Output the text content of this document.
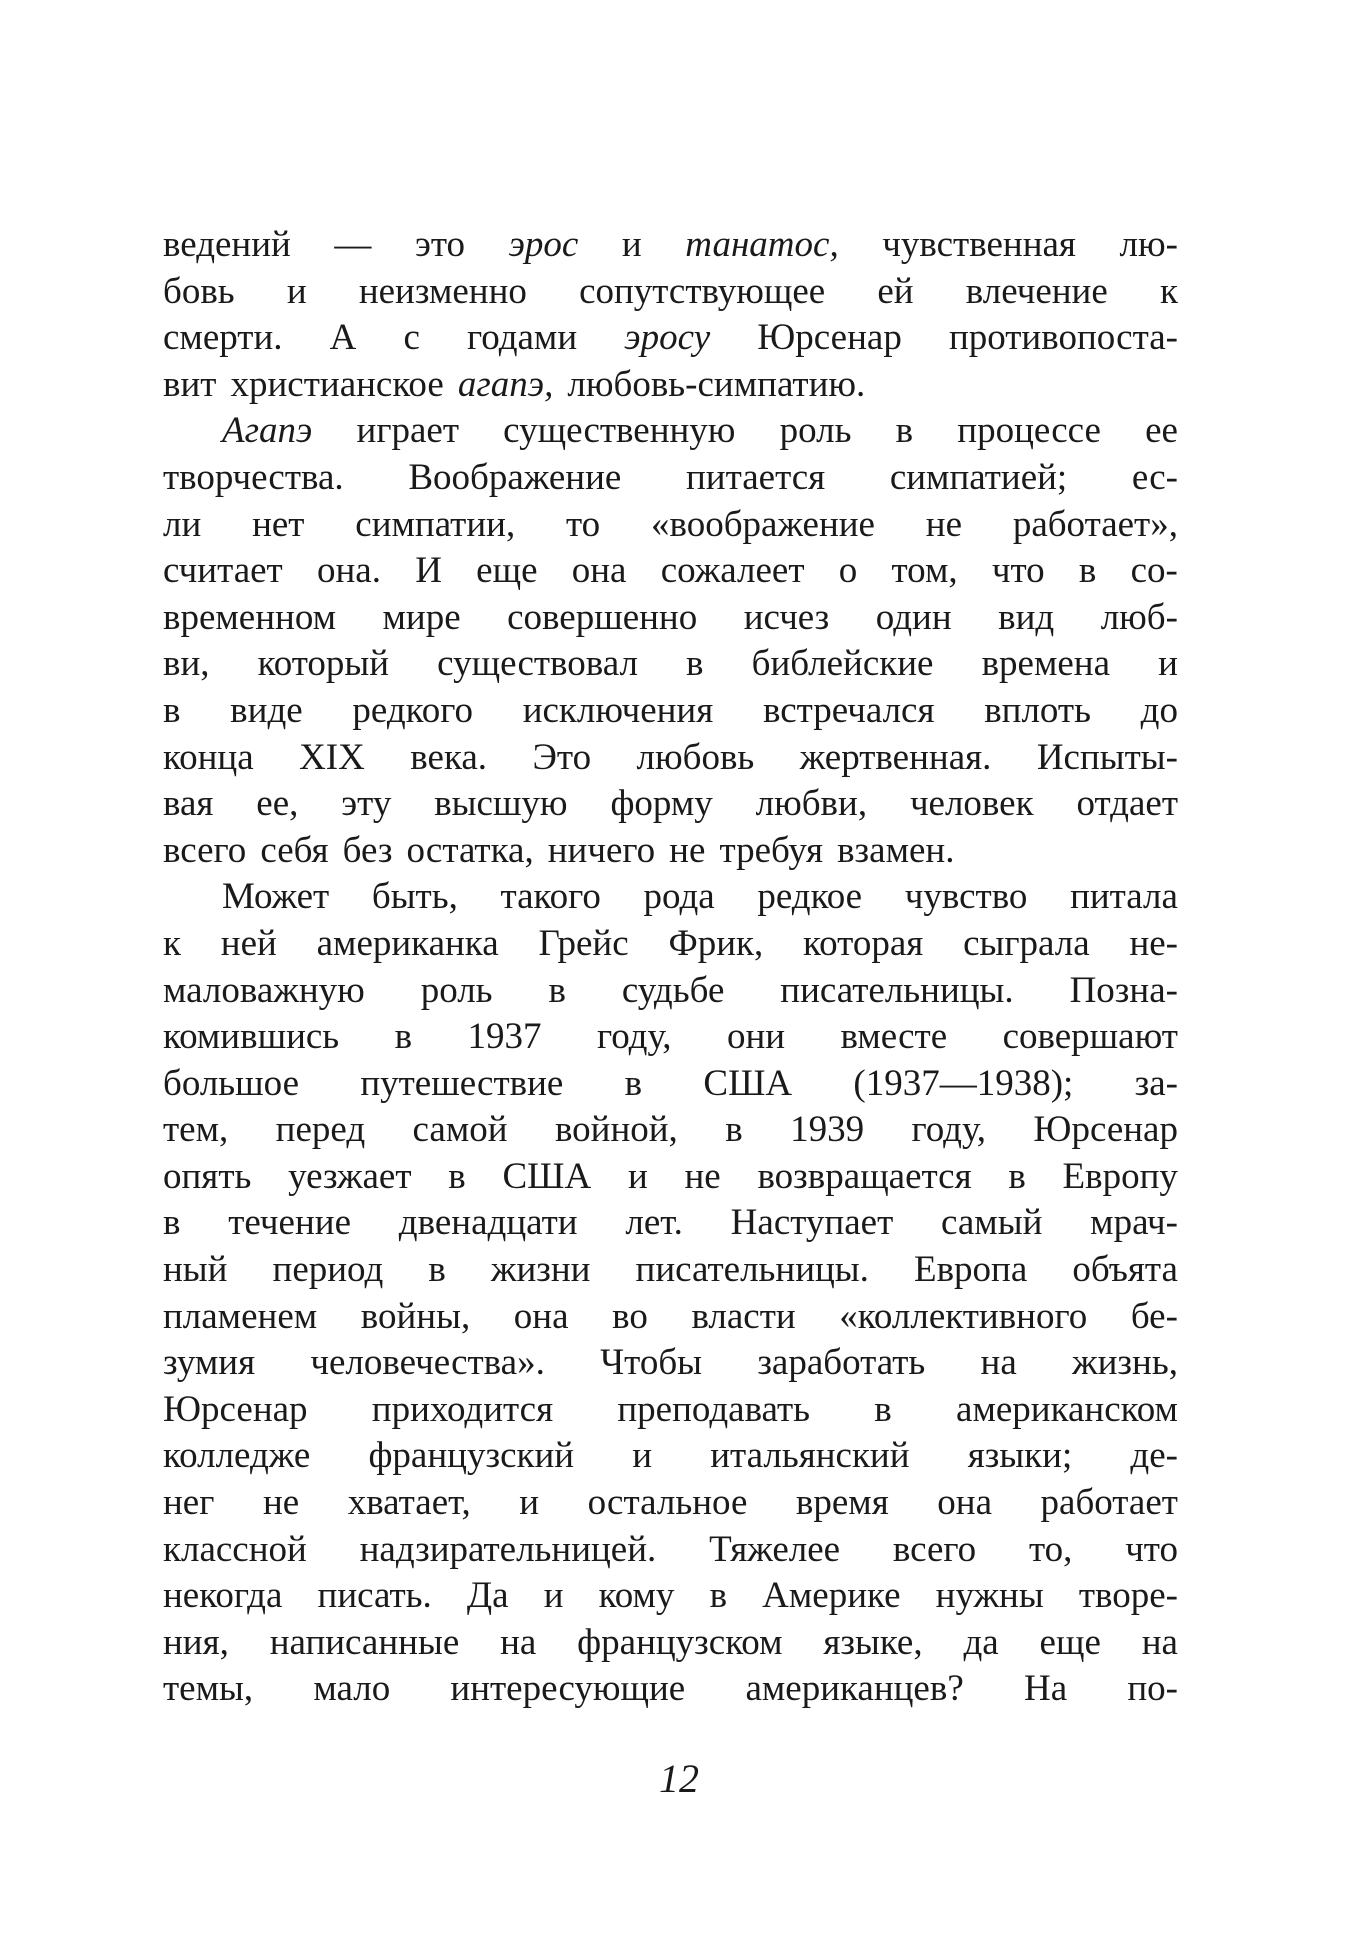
ведений — это эрос и танатос, чувственная лю-
бовь и неизменно сопутствующее ей влечение к
смерти. А с годами эросу Юрсенар противопоста-
вит христианское агапэ, любовь-симпатию.
Агапэ играет существенную роль в процессе ее
творчества. Воображение питается симпатией; ес-
ли нет симпатии, то «воображение не работает»,
считает она. И еще она сожалеет о том, что в со-
временном мире совершенно исчез один вид люб-
ви, который существовал в библейские времена и
в виде редкого исключения встречался вплоть до
конца XIX века. Это любовь жертвенная. Испыты-
вая ее, эту высшую форму любви, человек отдает
всего себя без остатка, ничего не требуя взамен.
Может быть, такого рода редкое чувство питала
к ней американка Грейс Фрик, которая сыграла не-
маловажную роль в судьбе писательницы. Позна-
комившись в 1937 году, они вместе совершают
большое путешествие в США (1937—1938); за-
тем, перед самой войной, в 1939 году, Юрсенар
опять уезжает в США и не возвращается в Европу
в течение двенадцати лет. Наступает самый мрач-
ный период в жизни писательницы. Европа объята
пламенем войны, она во власти «коллективного бе-
зумия человечества». Чтобы заработать на жизнь,
Юрсенар приходится преподавать в американском
колледже французский и итальянский языки; де-
нег не хватает, и остальное время она работает
классной надзирательницей. Тяжелее всего то, что
некогда писать. Да и кому в Америке нужны творе-
ния, написанные на французском языке, да еще на
темы, мало интересующие американцев? На по-
12
